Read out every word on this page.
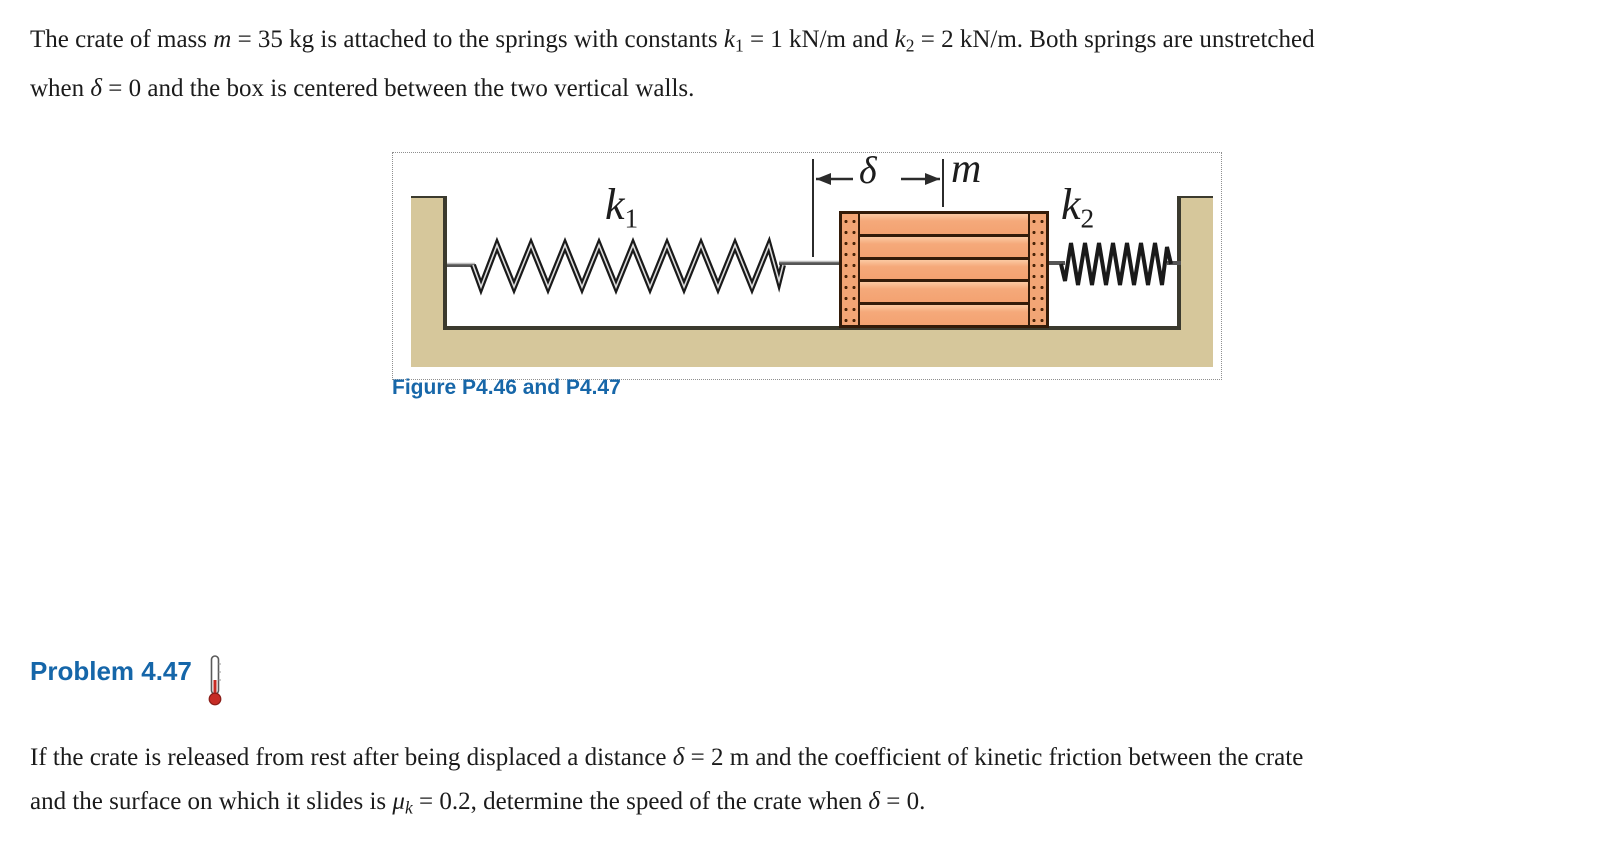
The crate of mass m = 35 kg is attached to the springs with constants k1 = 1 kN/m and k2 = 2 kN/m. Both springs are unstretched
when δ = 0 and the box is centered between the two vertical walls.
$k_1$
δ m
$k_2$
Figure P4.46 and P4.47
Problem 4.47
If the crate is released from rest after being displaced a distance δ = 2 m and the coefficient of kinetic friction between the crate
and the surface on which it slides is μk = 0.2, determine the speed of the crate when δ = 0.
